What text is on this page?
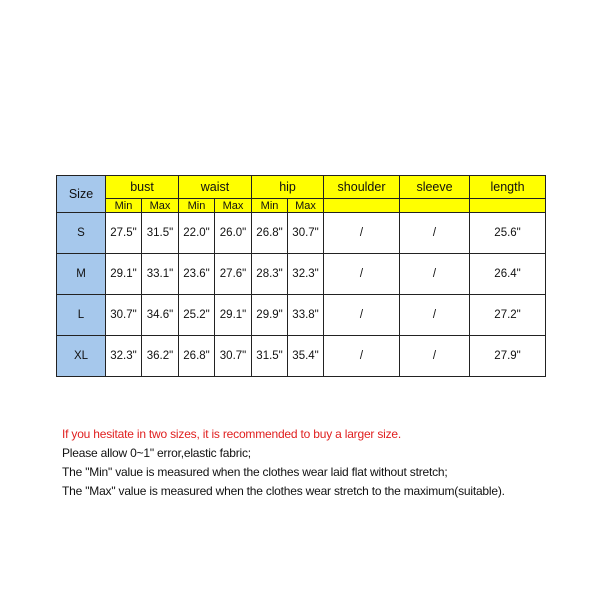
Size	bust		waist		hip		shoulder	sleeve	length
	Min	Max	Min	Max	Min	Max			
S	27.5"	31.5"	22.0"	26.0"	26.8"	30.7"	/	/	25.6"
M	29.1"	33.1"	23.6"	27.6"	28.3"	32.3"	/	/	26.4"
L	30.7"	34.6"	25.2"	29.1"	29.9"	33.8"	/	/	27.2"
XL	32.3"	36.2"	26.8"	30.7"	31.5"	35.4"	/	/	27.9"
If you hesitate in two sizes, it is recommended to buy a larger size.
Please allow 0~1" error,elastic fabric;
The "Min" value is measured when the clothes wear laid flat without stretch;
The "Max" value is measured when the clothes wear stretch to the maximum(suitable).
